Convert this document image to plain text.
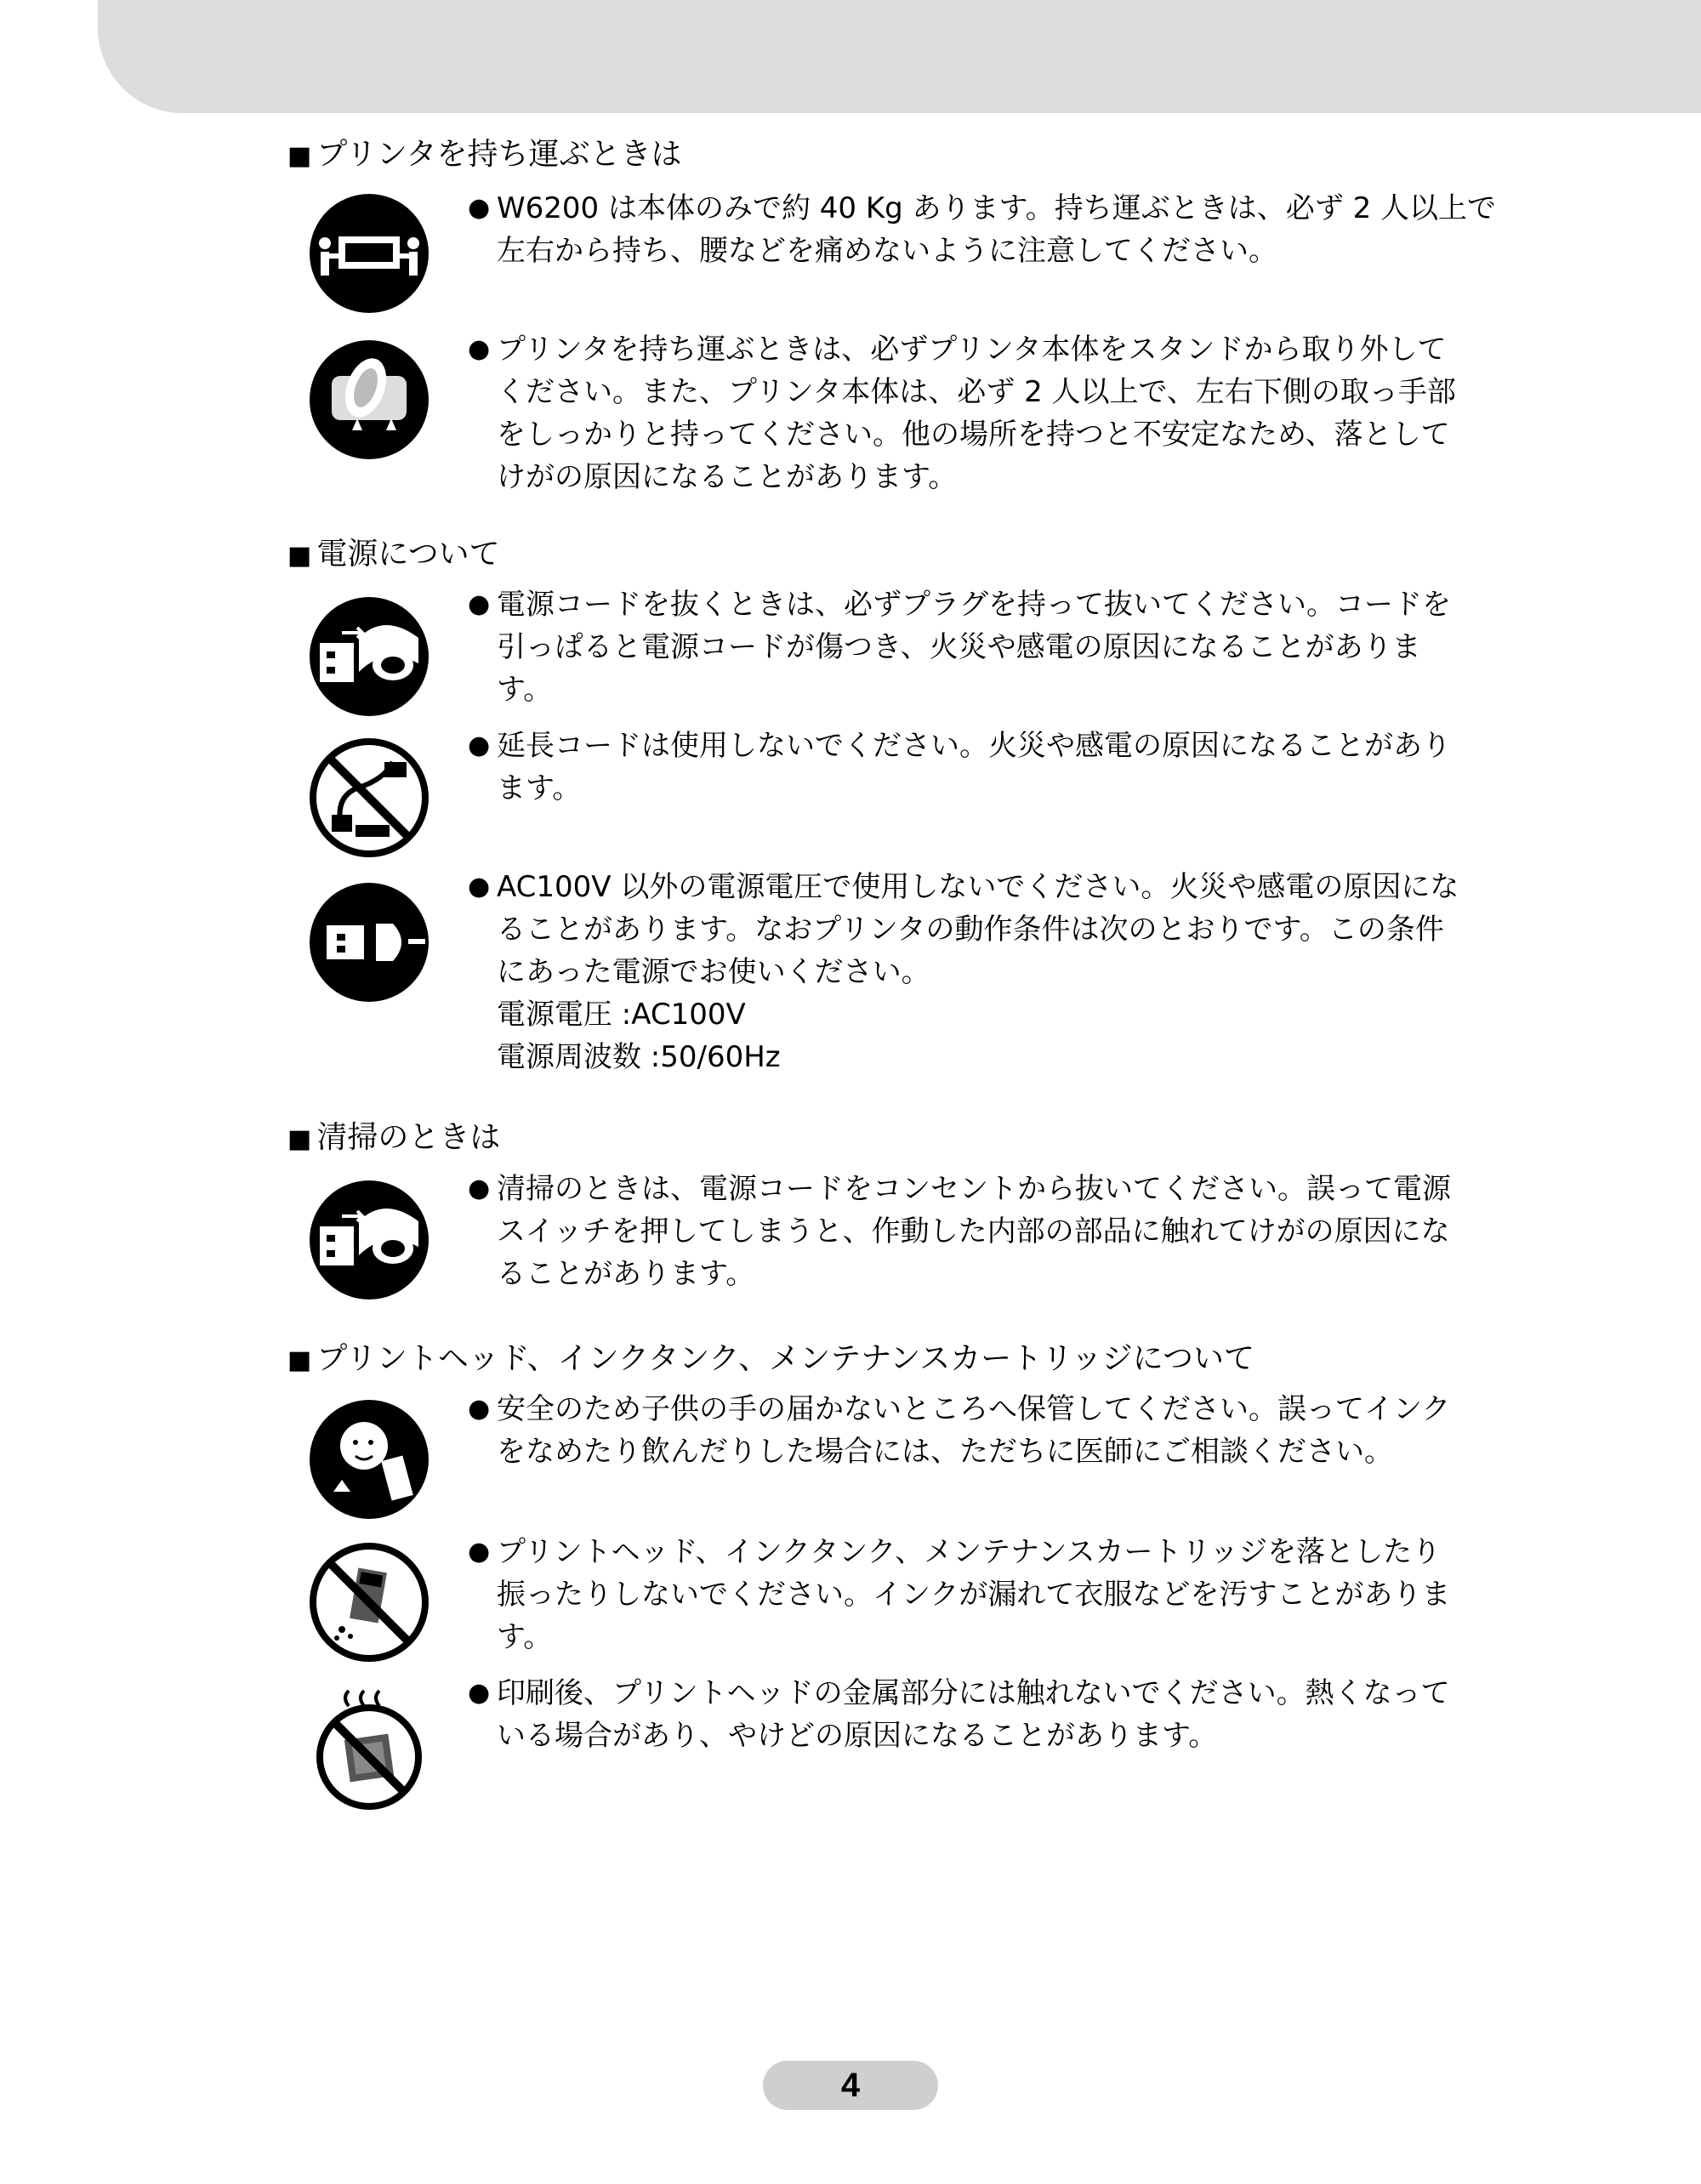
■ プリンタを持ち運ぶときは
● W6200 は本体のみで約 40 Kg あります。持ち運ぶときは、必ず 2 人以上で
左右から持ち、腰などを痛めないように注意してください。
● プリンタを持ち運ぶときは、必ずプリンタ本体をスタンドから取り外して
ください。また、プリンタ本体は、必ず 2 人以上で、左右下側の取っ手部
をしっかりと持ってください。他の場所を持つと不安定なため、落として
けがの原因になることがあります。
■ 電源について
● 電源コードを抜くときは、必ずプラグを持って抜いてください。コードを
引っぱると電源コードが傷つき、火災や感電の原因になることがありま
す。
● 延長コードは使用しないでください。火災や感電の原因になることがあり
ます。
● AC100V 以外の電源電圧で使用しないでください。火災や感電の原因にな
ることがあります。なおプリンタの動作条件は次のとおりです。この条件
にあった電源でお使いください。
電源電圧 :AC100V
電源周波数 :50/60Hz
■ 清掃のときは
● 清掃のときは、電源コードをコンセントから抜いてください。誤って電源
スイッチを押してしまうと、作動した内部の部品に触れてけがの原因にな
ることがあります。
■ プリントヘッド、インクタンク、メンテナンスカートリッジについて
● 安全のため子供の手の届かないところへ保管してください。誤ってインク
をなめたり飲んだりした場合には、ただちに医師にご相談ください。
● プリントヘッド、インクタンク、メンテナンスカートリッジを落としたり
振ったりしないでください。インクが漏れて衣服などを汚すことがありま
す。
● 印刷後、プリントヘッドの金属部分には触れないでください。熱くなって
いる場合があり、やけどの原因になることがあります。
4
